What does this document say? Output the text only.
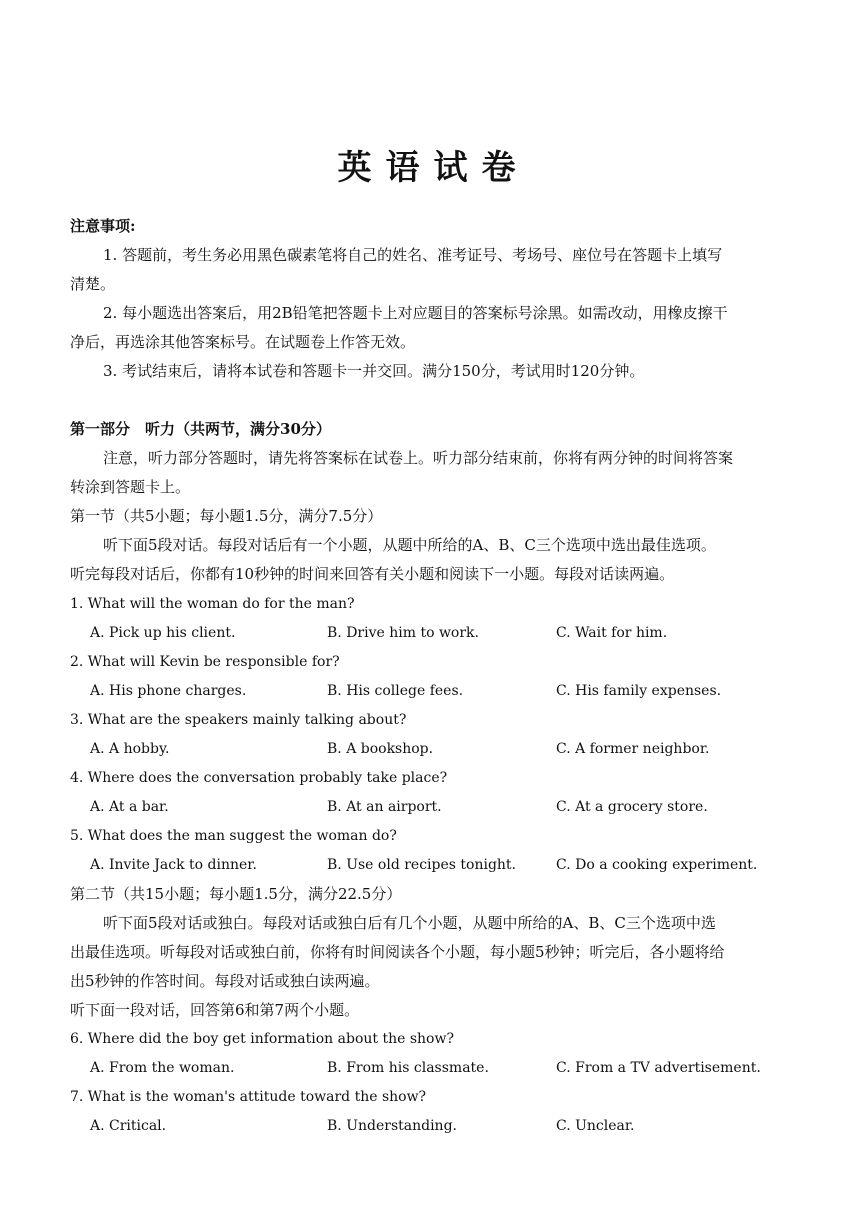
英语试卷
注意事项:
1. 答题前，考生务必用黑色碳素笔将自己的姓名、准考证号、考场号、座位号在答题卡上填写
清楚。
2. 每小题选出答案后，用2B铅笔把答题卡上对应题目的答案标号涂黑。如需改动，用橡皮擦干
净后，再选涂其他答案标号。在试题卷上作答无效。
3. 考试结束后，请将本试卷和答题卡一并交回。满分150分，考试用时120分钟。
第一部分　听力（共两节，满分30分）
注意，听力部分答题时，请先将答案标在试卷上。听力部分结束前，你将有两分钟的时间将答案
转涂到答题卡上。
第一节（共5小题；每小题1.5分，满分7.5分）
听下面5段对话。每段对话后有一个小题，从题中所给的A、B、C三个选项中选出最佳选项。
听完每段对话后，你都有10秒钟的时间来回答有关小题和阅读下一小题。每段对话读两遍。
1. What will the woman do for the man?
A. Pick up his client.	B. Drive him to work.	C. Wait for him.
2. What will Kevin be responsible for?
A. His phone charges.	B. His college fees.	C. His family expenses.
3. What are the speakers mainly talking about?
A. A hobby.	B. A bookshop.	C. A former neighbor.
4. Where does the conversation probably take place?
A. At a bar.	B. At an airport.	C. At a grocery store.
5. What does the man suggest the woman do?
A. Invite Jack to dinner.	B. Use old recipes tonight.	C. Do a cooking experiment.
第二节（共15小题；每小题1.5分，满分22.5分）
听下面5段对话或独白。每段对话或独白后有几个小题，从题中所给的A、B、C三个选项中选
出最佳选项。听每段对话或独白前，你将有时间阅读各个小题，每小题5秒钟；听完后，各小题将给
出5秒钟的作答时间。每段对话或独白读两遍。
听下面一段对话，回答第6和第7两个小题。
6. Where did the boy get information about the show?
A. From the woman.	B. From his classmate.	C. From a TV advertisement.
7. What is the woman's attitude toward the show?
A. Critical.	B. Understanding.	C. Unclear.
